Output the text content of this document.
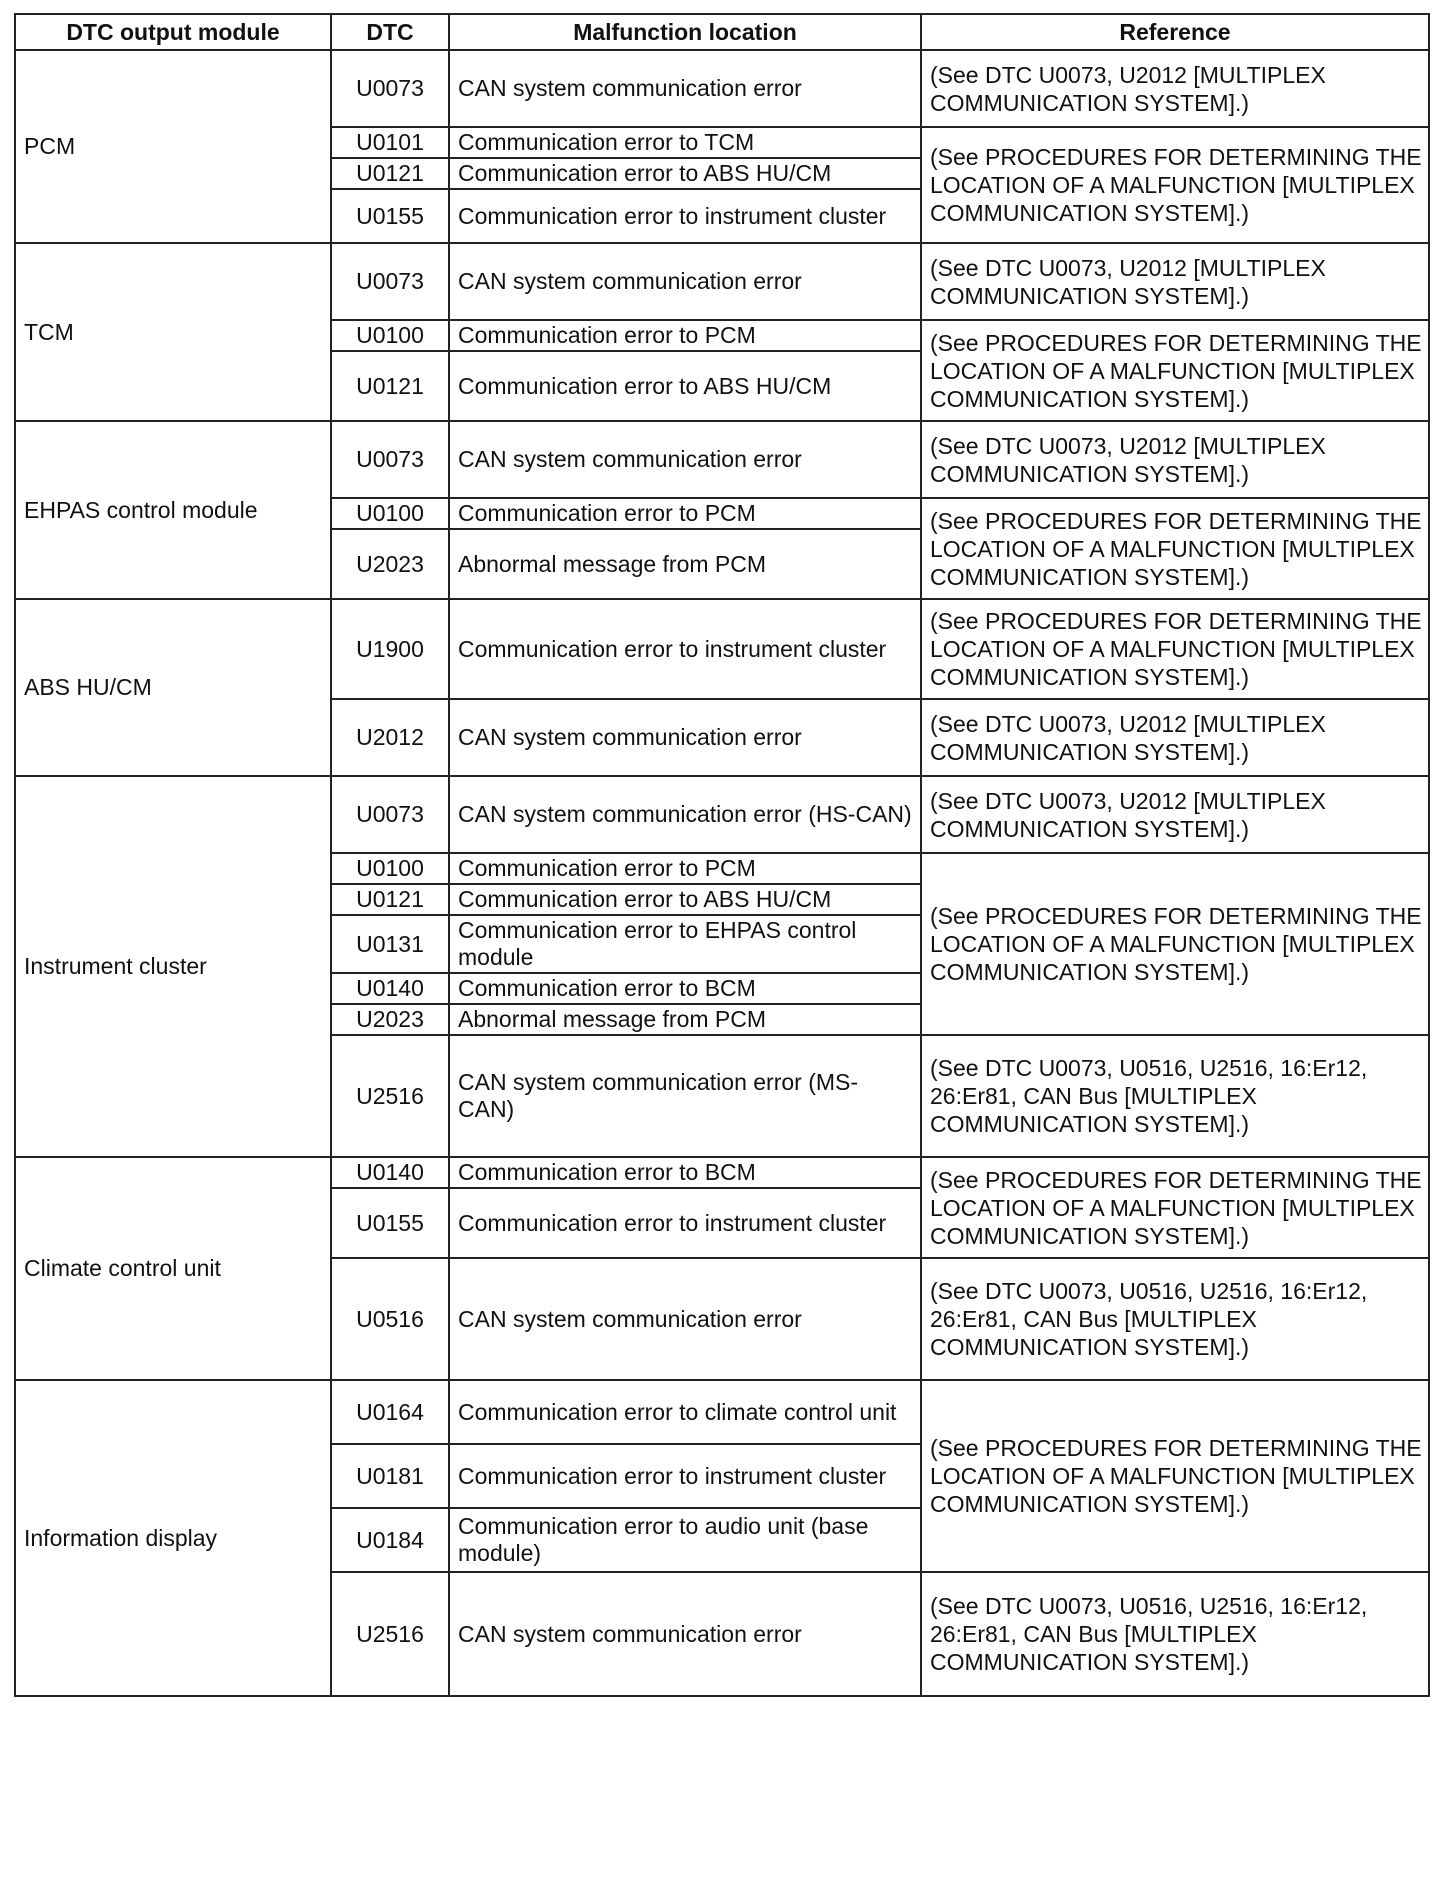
DTC output module	DTC	Malfunction location	Reference
PCM	U0073	CAN system communication error	(See DTC U0073, U2012 [MULTIPLEX COMMUNICATION SYSTEM].)
	U0101	Communication error to TCM	(See PROCEDURES FOR DETERMINING THE LOCATION OF A MALFUNCTION [MULTIPLEX COMMUNICATION SYSTEM].)
	U0121	Communication error to ABS HU/CM	
	U0155	Communication error to instrument cluster	
TCM	U0073	CAN system communication error	(See DTC U0073, U2012 [MULTIPLEX COMMUNICATION SYSTEM].)
	U0100	Communication error to PCM	(See PROCEDURES FOR DETERMINING THE LOCATION OF A MALFUNCTION [MULTIPLEX COMMUNICATION SYSTEM].)
	U0121	Communication error to ABS HU/CM	
EHPAS control module	U0073	CAN system communication error	(See DTC U0073, U2012 [MULTIPLEX COMMUNICATION SYSTEM].)
	U0100	Communication error to PCM	(See PROCEDURES FOR DETERMINING THE LOCATION OF A MALFUNCTION [MULTIPLEX COMMUNICATION SYSTEM].)
	U2023	Abnormal message from PCM	
ABS HU/CM	U1900	Communication error to instrument cluster	(See PROCEDURES FOR DETERMINING THE LOCATION OF A MALFUNCTION [MULTIPLEX COMMUNICATION SYSTEM].)
	U2012	CAN system communication error	(See DTC U0073, U2012 [MULTIPLEX COMMUNICATION SYSTEM].)
Instrument cluster	U0073	CAN system communication error (HS-CAN)	(See DTC U0073, U2012 [MULTIPLEX COMMUNICATION SYSTEM].)
	U0100	Communication error to PCM	(See PROCEDURES FOR DETERMINING THE LOCATION OF A MALFUNCTION [MULTIPLEX COMMUNICATION SYSTEM].)
	U0121	Communication error to ABS HU/CM	
	U0131	Communication error to EHPAS control module	
	U0140	Communication error to BCM	
	U2023	Abnormal message from PCM	
	U2516	CAN system communication error (MS-CAN)	(See DTC U0073, U0516, U2516, 16:Er12, 26:Er81, CAN Bus [MULTIPLEX COMMUNICATION SYSTEM].)
Climate control unit	U0140	Communication error to BCM	(See PROCEDURES FOR DETERMINING THE LOCATION OF A MALFUNCTION [MULTIPLEX COMMUNICATION SYSTEM].)
	U0155	Communication error to instrument cluster	
	U0516	CAN system communication error	(See DTC U0073, U0516, U2516, 16:Er12, 26:Er81, CAN Bus [MULTIPLEX COMMUNICATION SYSTEM].)
Information display	U0164	Communication error to climate control unit	(See PROCEDURES FOR DETERMINING THE LOCATION OF A MALFUNCTION [MULTIPLEX COMMUNICATION SYSTEM].)
	U0181	Communication error to instrument cluster	
	U0184	Communication error to audio unit (base module)	
	U2516	CAN system communication error	(See DTC U0073, U0516, U2516, 16:Er12, 26:Er81, CAN Bus [MULTIPLEX COMMUNICATION SYSTEM].)
